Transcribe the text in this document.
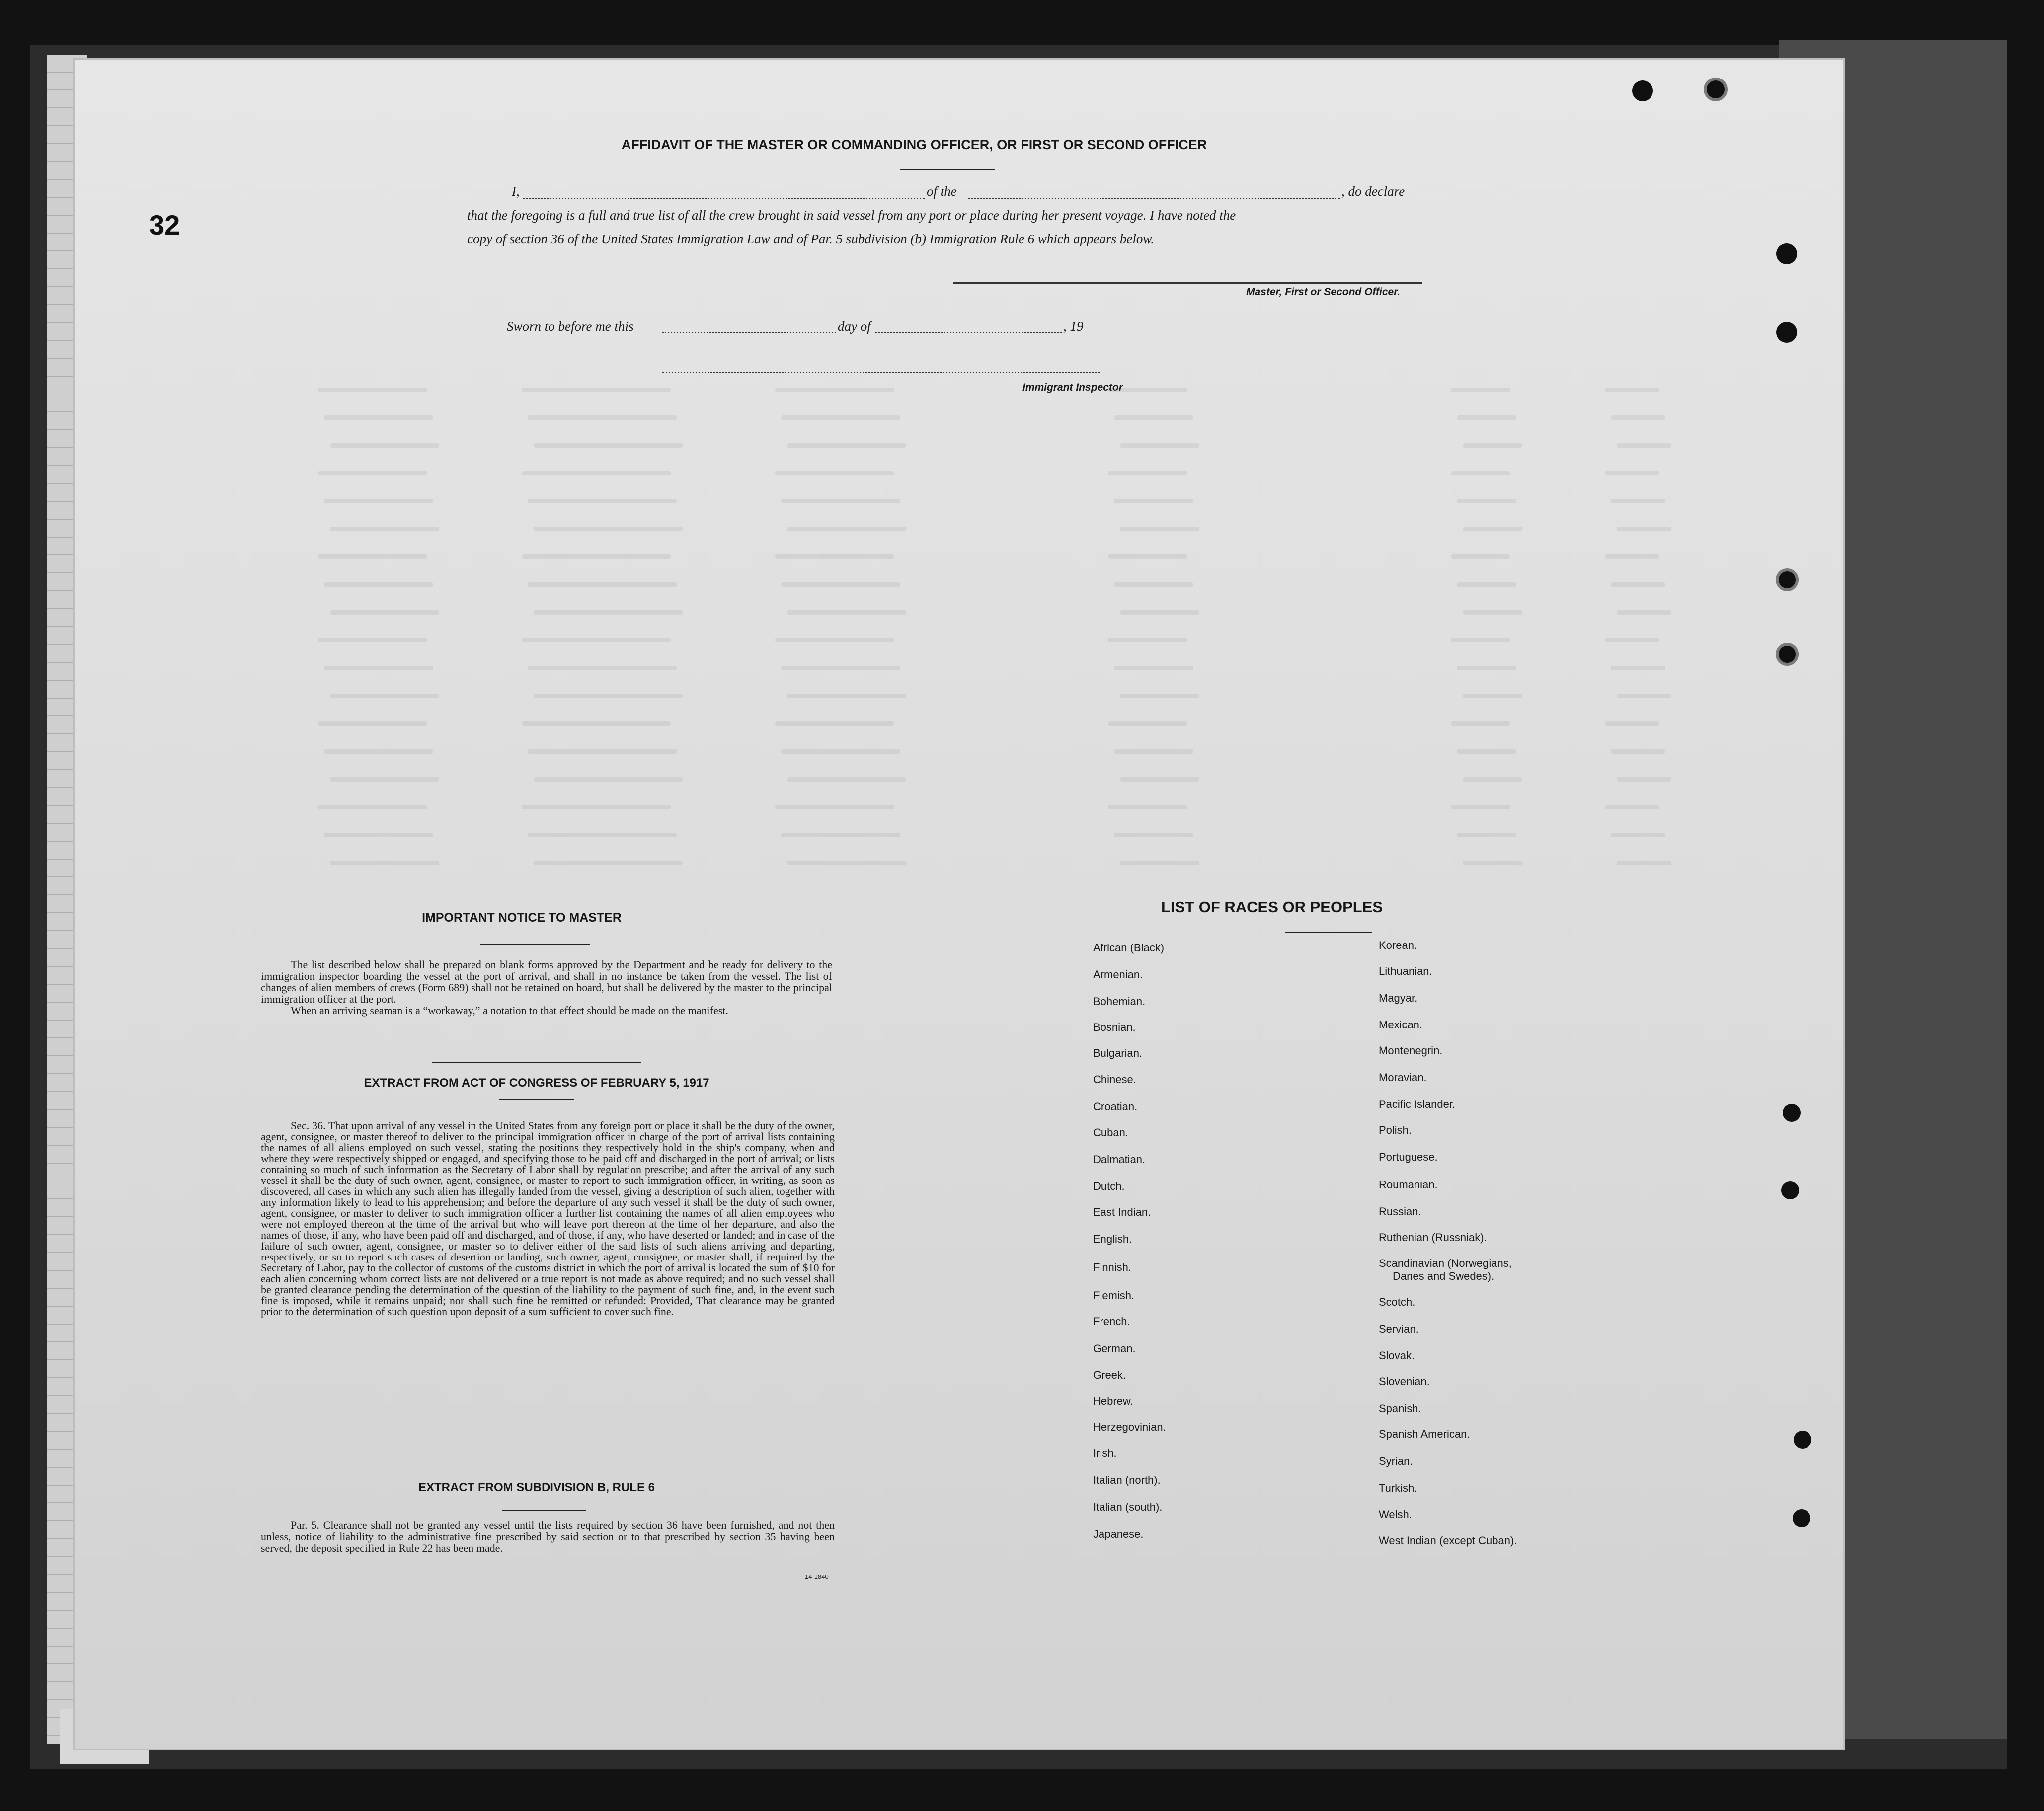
32
AFFIDAVIT OF THE MASTER OR COMMANDING OFFICER, OR FIRST OR SECOND OFFICER
I,	of the	, do declare
that the foregoing is a full and true list of all the crew brought in said vessel from any port or place during her present voyage. I have noted the
copy of section 36 of the United States Immigration Law and of Par. 5 subdivision (b) Immigration Rule 6 which appears below.
Master, First or Second Officer.
Sworn to before me this	day of	, 19
Immigrant Inspector
IMPORTANT NOTICE TO MASTER

The list described below shall be prepared on blank forms approved by the Department and be ready for delivery to the immigration inspector boarding the vessel at the port of arrival, and shall in no instance be taken from the vessel. The list of changes of alien members of crews (Form 689) shall not be retained on board, but shall be delivered by the master to the principal immigration officer at the port.

When an arriving seaman is a “workaway,” a notation to that effect should be made on the manifest.

EXTRACT FROM ACT OF CONGRESS OF FEBRUARY 5, 1917

Sec. 36. That upon arrival of any vessel in the United States from any foreign port or place it shall be the duty of the owner, agent, consignee, or master thereof to deliver to the principal immigration officer in charge of the port of arrival lists containing the names of all aliens employed on such vessel, stating the positions they respectively hold in the ship's company, when and where they were respectively shipped or engaged, and specifying those to be paid off and discharged in the port of arrival; or lists containing so much of such information as the Secretary of Labor shall by regulation prescribe; and after the arrival of any such vessel it shall be the duty of such owner, agent, consignee, or master to report to such immigration officer, in writing, as soon as discovered, all cases in which any such alien has illegally landed from the vessel, giving a description of such alien, together with any information likely to lead to his apprehension; and before the departure of any such vessel it shall be the duty of such owner, agent, consignee, or master to deliver to such immigration officer a further list containing the names of all alien employees who were not employed thereon at the time of the arrival but who will leave port thereon at the time of her departure, and also the names of those, if any, who have been paid off and discharged, and of those, if any, who have deserted or landed; and in case of the failure of such owner, agent, consignee, or master so to deliver either of the said lists of such aliens arriving and departing, respectively, or so to report such cases of desertion or landing, such owner, agent, consignee, or master shall, if required by the Secretary of Labor, pay to the collector of customs of the customs district in which the port of arrival is located the sum of $10 for each alien concerning whom correct lists are not delivered or a true report is not made as above required; and no such vessel shall be granted clearance pending the determination of the question of the liability to the payment of such fine, and, in the event such fine is imposed, while it remains unpaid; nor shall such fine be remitted or refunded: Provided, That clearance may be granted prior to the determination of such question upon deposit of a sum sufficient to cover such fine.

EXTRACT FROM SUBDIVISION B, RULE 6

Par. 5. Clearance shall not be granted any vessel until the lists required by section 36 have been furnished, and not then unless, notice of liability to the administrative fine prescribed by said section or to that prescribed by section 35 having been served, the deposit specified in Rule 22 has been made.

14-1840
LIST OF RACES OR PEOPLES
African (Black)
Armenian.
Bohemian.
Bosnian.
Bulgarian.
Chinese.
Croatian.
Cuban.
Dalmatian.
Dutch.
East Indian.
English.
Finnish.
Flemish.
French.
German.
Greek.
Hebrew.
Herzegovinian.
Irish.
Italian (north).
Italian (south).
Japanese.
Korean.
Lithuanian.
Magyar.
Mexican.
Montenegrin.
Moravian.
Pacific Islander.
Polish.
Portuguese.
Roumanian.
Russian.
Ruthenian (Russniak).
Scandinavian (Norwegians,
Danes and Swedes).
Scotch.
Servian.
Slovak.
Slovenian.
Spanish.
Spanish American.
Syrian.
Turkish.
Welsh.
West Indian (except Cuban).
